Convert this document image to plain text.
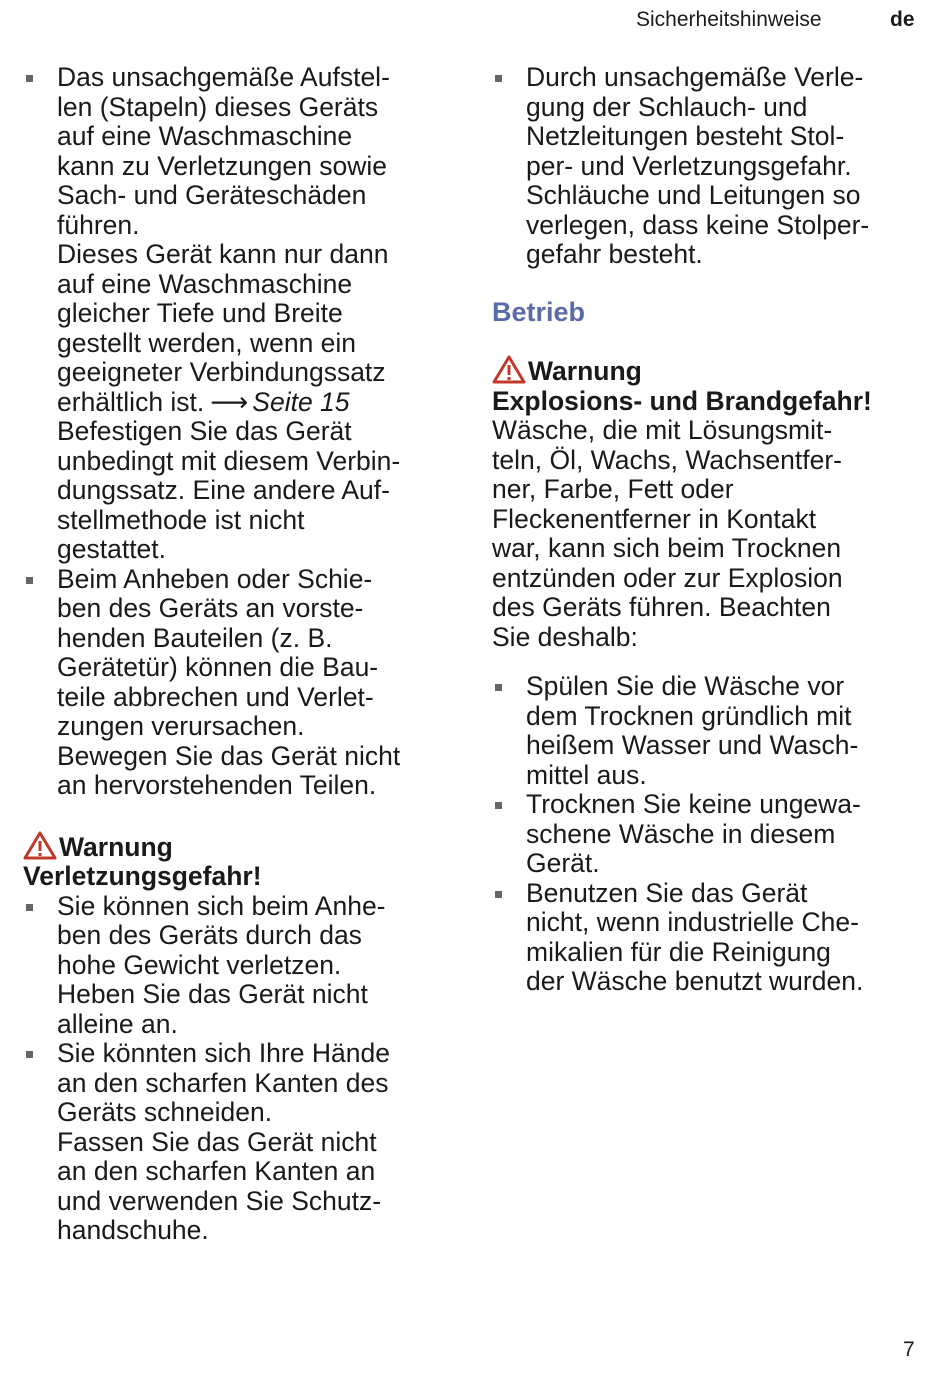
Sicherheitshinweise	de
Das unsachgemäße Aufstel-
len (Stapeln) dieses Geräts
auf eine Waschmaschine
kann zu Verletzungen sowie
Sach- und Geräteschäden
führen.
Dieses Gerät kann nur dann
auf eine Waschmaschine
gleicher Tiefe und Breite
gestellt werden, wenn ein
geeigneter Verbindungssatz
erhältlich ist. ⟶ Seite 15
Befestigen Sie das Gerät
unbedingt mit diesem Verbin-
dungssatz. Eine andere Auf-
stellmethode ist nicht
gestattet.
Beim Anheben oder Schie-
ben des Geräts an vorste-
henden Bauteilen (z. B.
Gerätetür) können die Bau-
teile abbrechen und Verlet-
zungen verursachen.
Bewegen Sie das Gerät nicht
an hervorstehenden Teilen.
Warnung
Verletzungsgefahr!
Sie können sich beim Anhe-
ben des Geräts durch das
hohe Gewicht verletzen.
Heben Sie das Gerät nicht
alleine an.
Sie könnten sich Ihre Hände
an den scharfen Kanten des
Geräts schneiden.
Fassen Sie das Gerät nicht
an den scharfen Kanten an
und verwenden Sie Schutz-
handschuhe.
Durch unsachgemäße Verle-
gung der Schlauch- und
Netzleitungen besteht Stol-
per- und Verletzungsgefahr.
Schläuche und Leitungen so
verlegen, dass keine Stolper-
gefahr besteht.
Betrieb
Warnung
Explosions- und Brandgefahr!
Wäsche, die mit Lösungsmit-
teln, Öl, Wachs, Wachsentfer-
ner, Farbe, Fett oder
Fleckenentferner in Kontakt
war, kann sich beim Trocknen
entzünden oder zur Explosion
des Geräts führen. Beachten
Sie deshalb:
Spülen Sie die Wäsche vor
dem Trocknen gründlich mit
heißem Wasser und Wasch-
mittel aus.
Trocknen Sie keine ungewa-
schene Wäsche in diesem
Gerät.
Benutzen Sie das Gerät
nicht, wenn industrielle Che-
mikalien für die Reinigung
der Wäsche benutzt wurden.
7
